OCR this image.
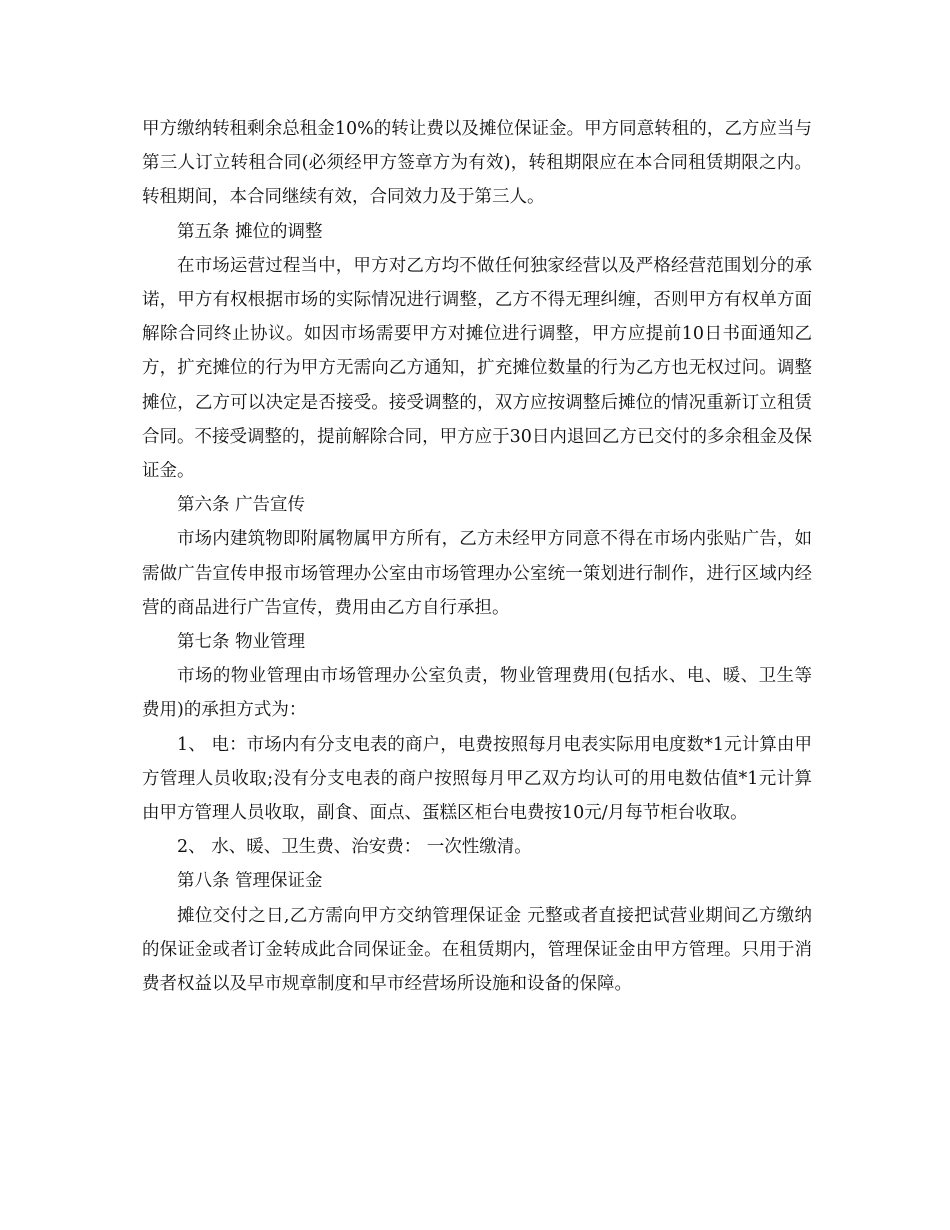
甲方缴纳转租剩余总租金10%的转让费以及摊位保证金。甲方同意转租的，乙方应当与第三人订立转租合同(必须经甲方签章方为有效)，转租期限应在本合同租赁期限之内。转租期间，本合同继续有效，合同效力及于第三人。

第五条 摊位的调整

在市场运营过程当中，甲方对乙方均不做任何独家经营以及严格经营范围划分的承诺，甲方有权根据市场的实际情况进行调整，乙方不得无理纠缠，否则甲方有权单方面解除合同终止协议。如因市场需要甲方对摊位进行调整，甲方应提前10日书面通知乙方，扩充摊位的行为甲方无需向乙方通知，扩充摊位数量的行为乙方也无权过问。调整摊位，乙方可以决定是否接受。接受调整的，双方应按调整后摊位的情况重新订立租赁合同。不接受调整的，提前解除合同，甲方应于30日内退回乙方已交付的多余租金及保证金。

第六条 广告宣传

市场内建筑物即附属物属甲方所有，乙方未经甲方同意不得在市场内张贴广告，如需做广告宣传申报市场管理办公室由市场管理办公室统一策划进行制作，进行区域内经营的商品进行广告宣传，费用由乙方自行承担。

第七条 物业管理

市场的物业管理由市场管理办公室负责，物业管理费用(包括水、电、暖、卫生等费用)的承担方式为：

1、 电：市场内有分支电表的商户，电费按照每月电表实际用电度数*1元计算由甲方管理人员收取;没有分支电表的商户按照每月甲乙双方均认可的用电数估值*1元计算由甲方管理人员收取，副食、面点、蛋糕区柜台电费按10元/月每节柜台收取。

2、 水、暖、卫生费、治安费： 一次性缴清。

第八条 管理保证金

摊位交付之日,乙方需向甲方交纳管理保证金 元整或者直接把试营业期间乙方缴纳的保证金或者订金转成此合同保证金。在租赁期内，管理保证金由甲方管理。只用于消费者权益以及早市规章制度和早市经营场所设施和设备的保障。
